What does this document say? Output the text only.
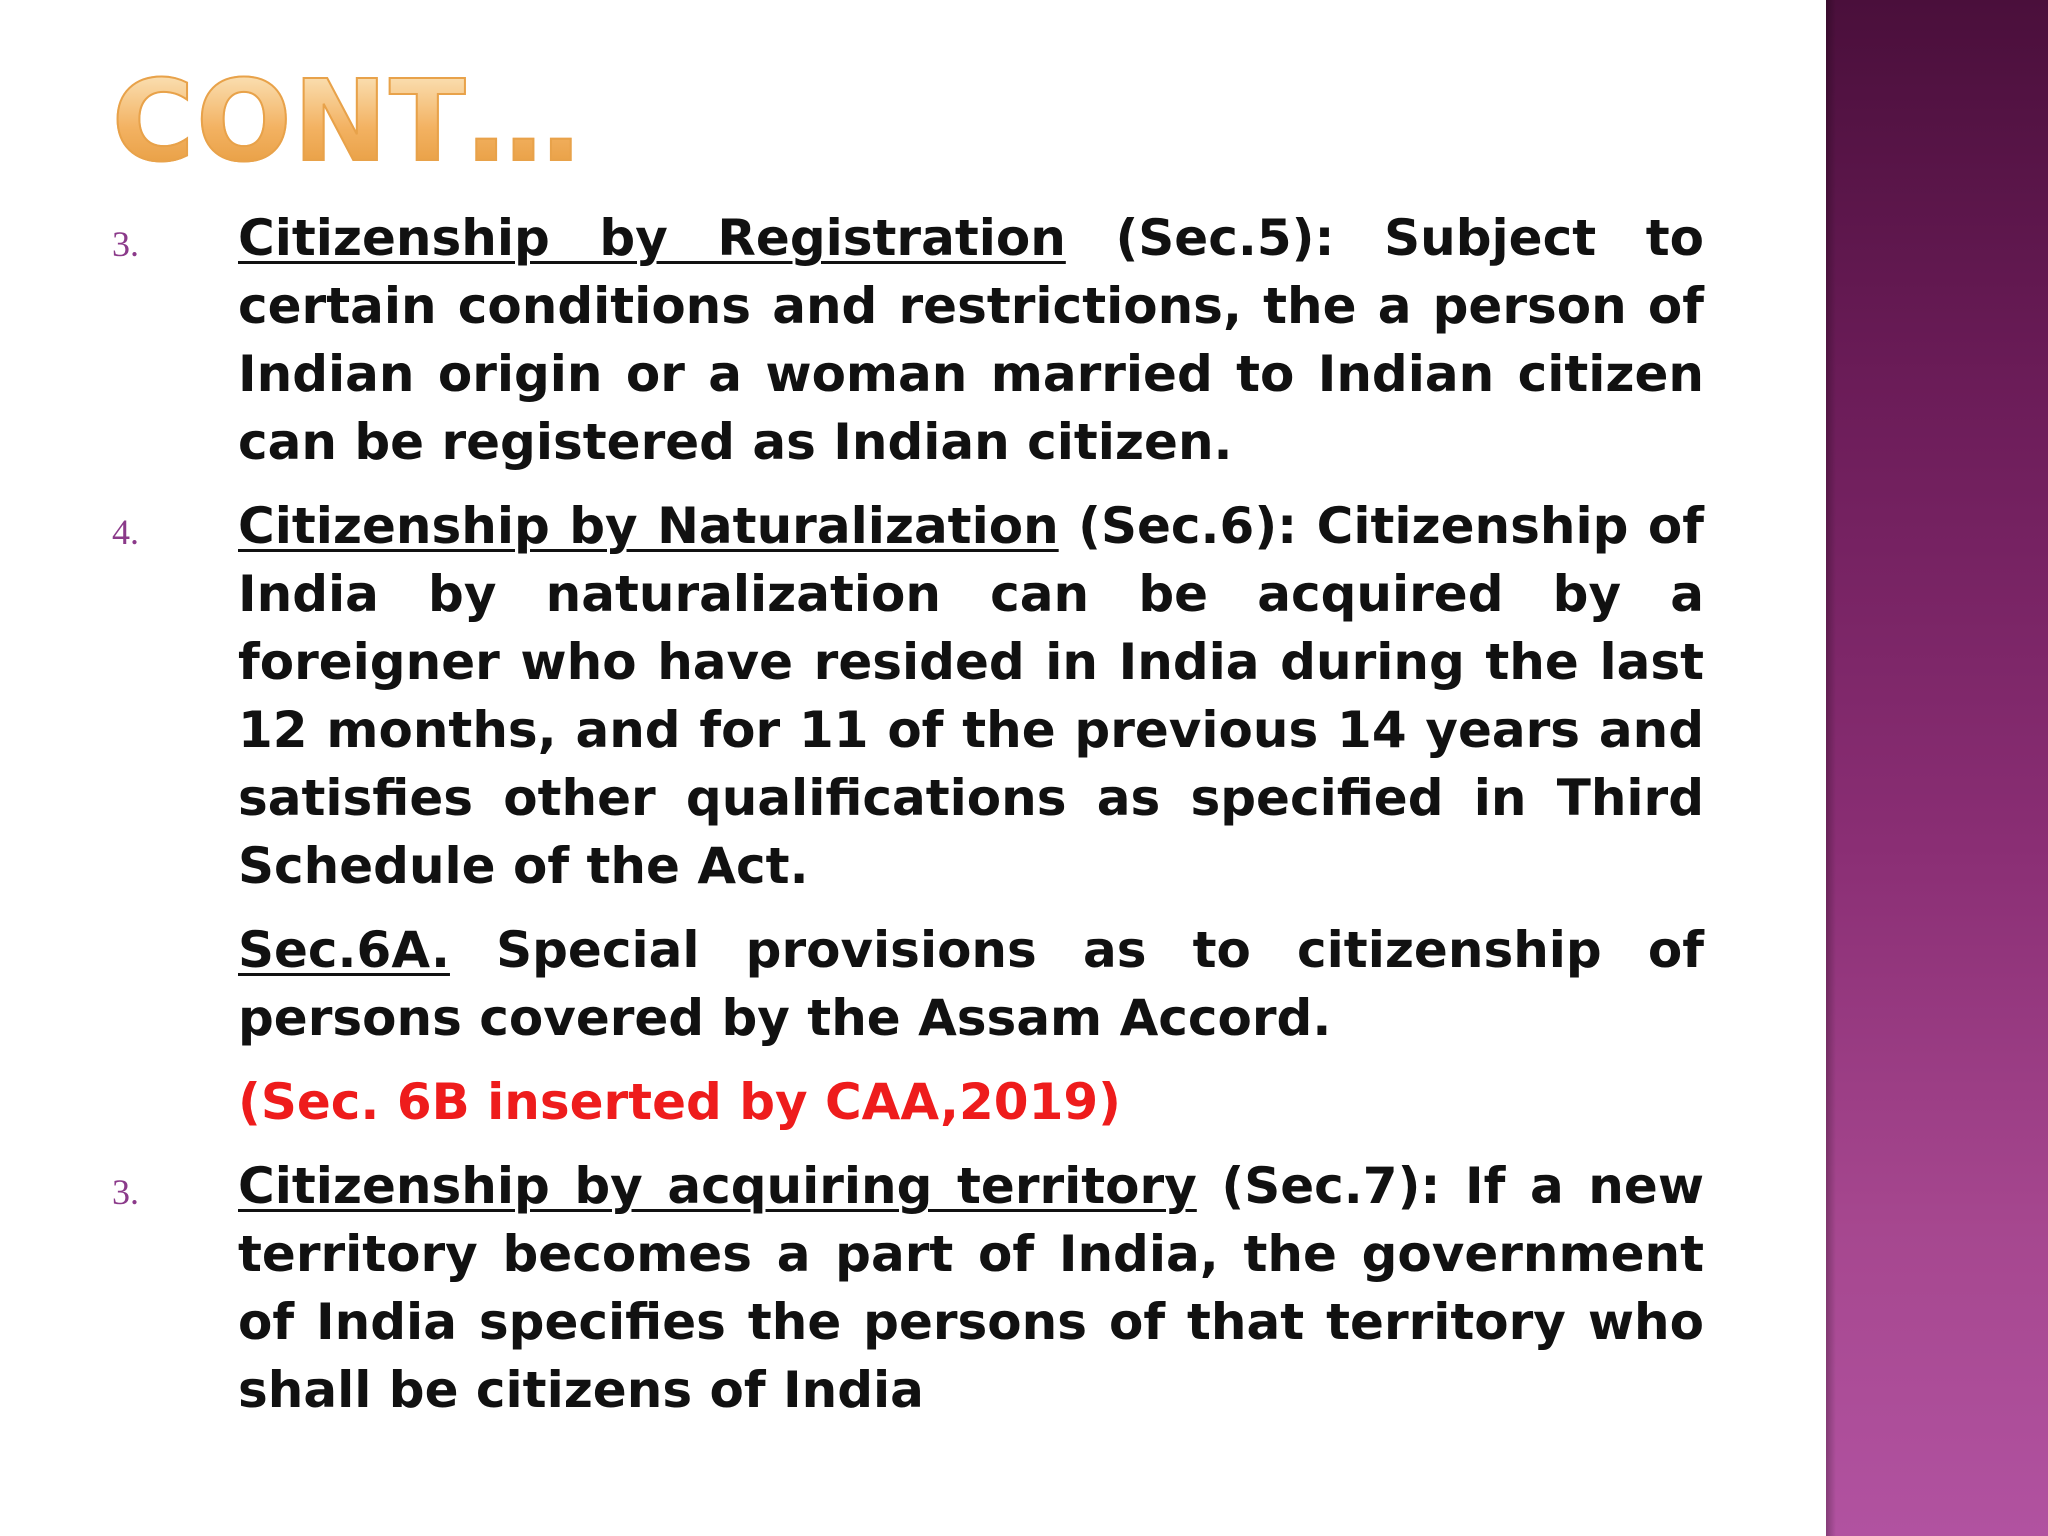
CONT…
3.	Citizenship by Registration (Sec.5): Subject to certain conditions and restrictions, the a person of Indian origin or a woman married to Indian citizen can be registered as Indian citizen.
4.	Citizenship by Naturalization (Sec.6): Citizenship of India by naturalization can be acquired by a foreigner who have resided in India during the last 12 months, and for 11 of the previous 14 years and satisfies other qualifications as specified in Third Schedule of the Act.
Sec.6A. Special provisions as to citizenship of persons covered by the Assam Accord.
(Sec. 6B inserted by CAA,2019)
3.	Citizenship by acquiring territory (Sec.7): If a new territory becomes a part of India, the government of India specifies the persons of that territory who shall be citizens of India
